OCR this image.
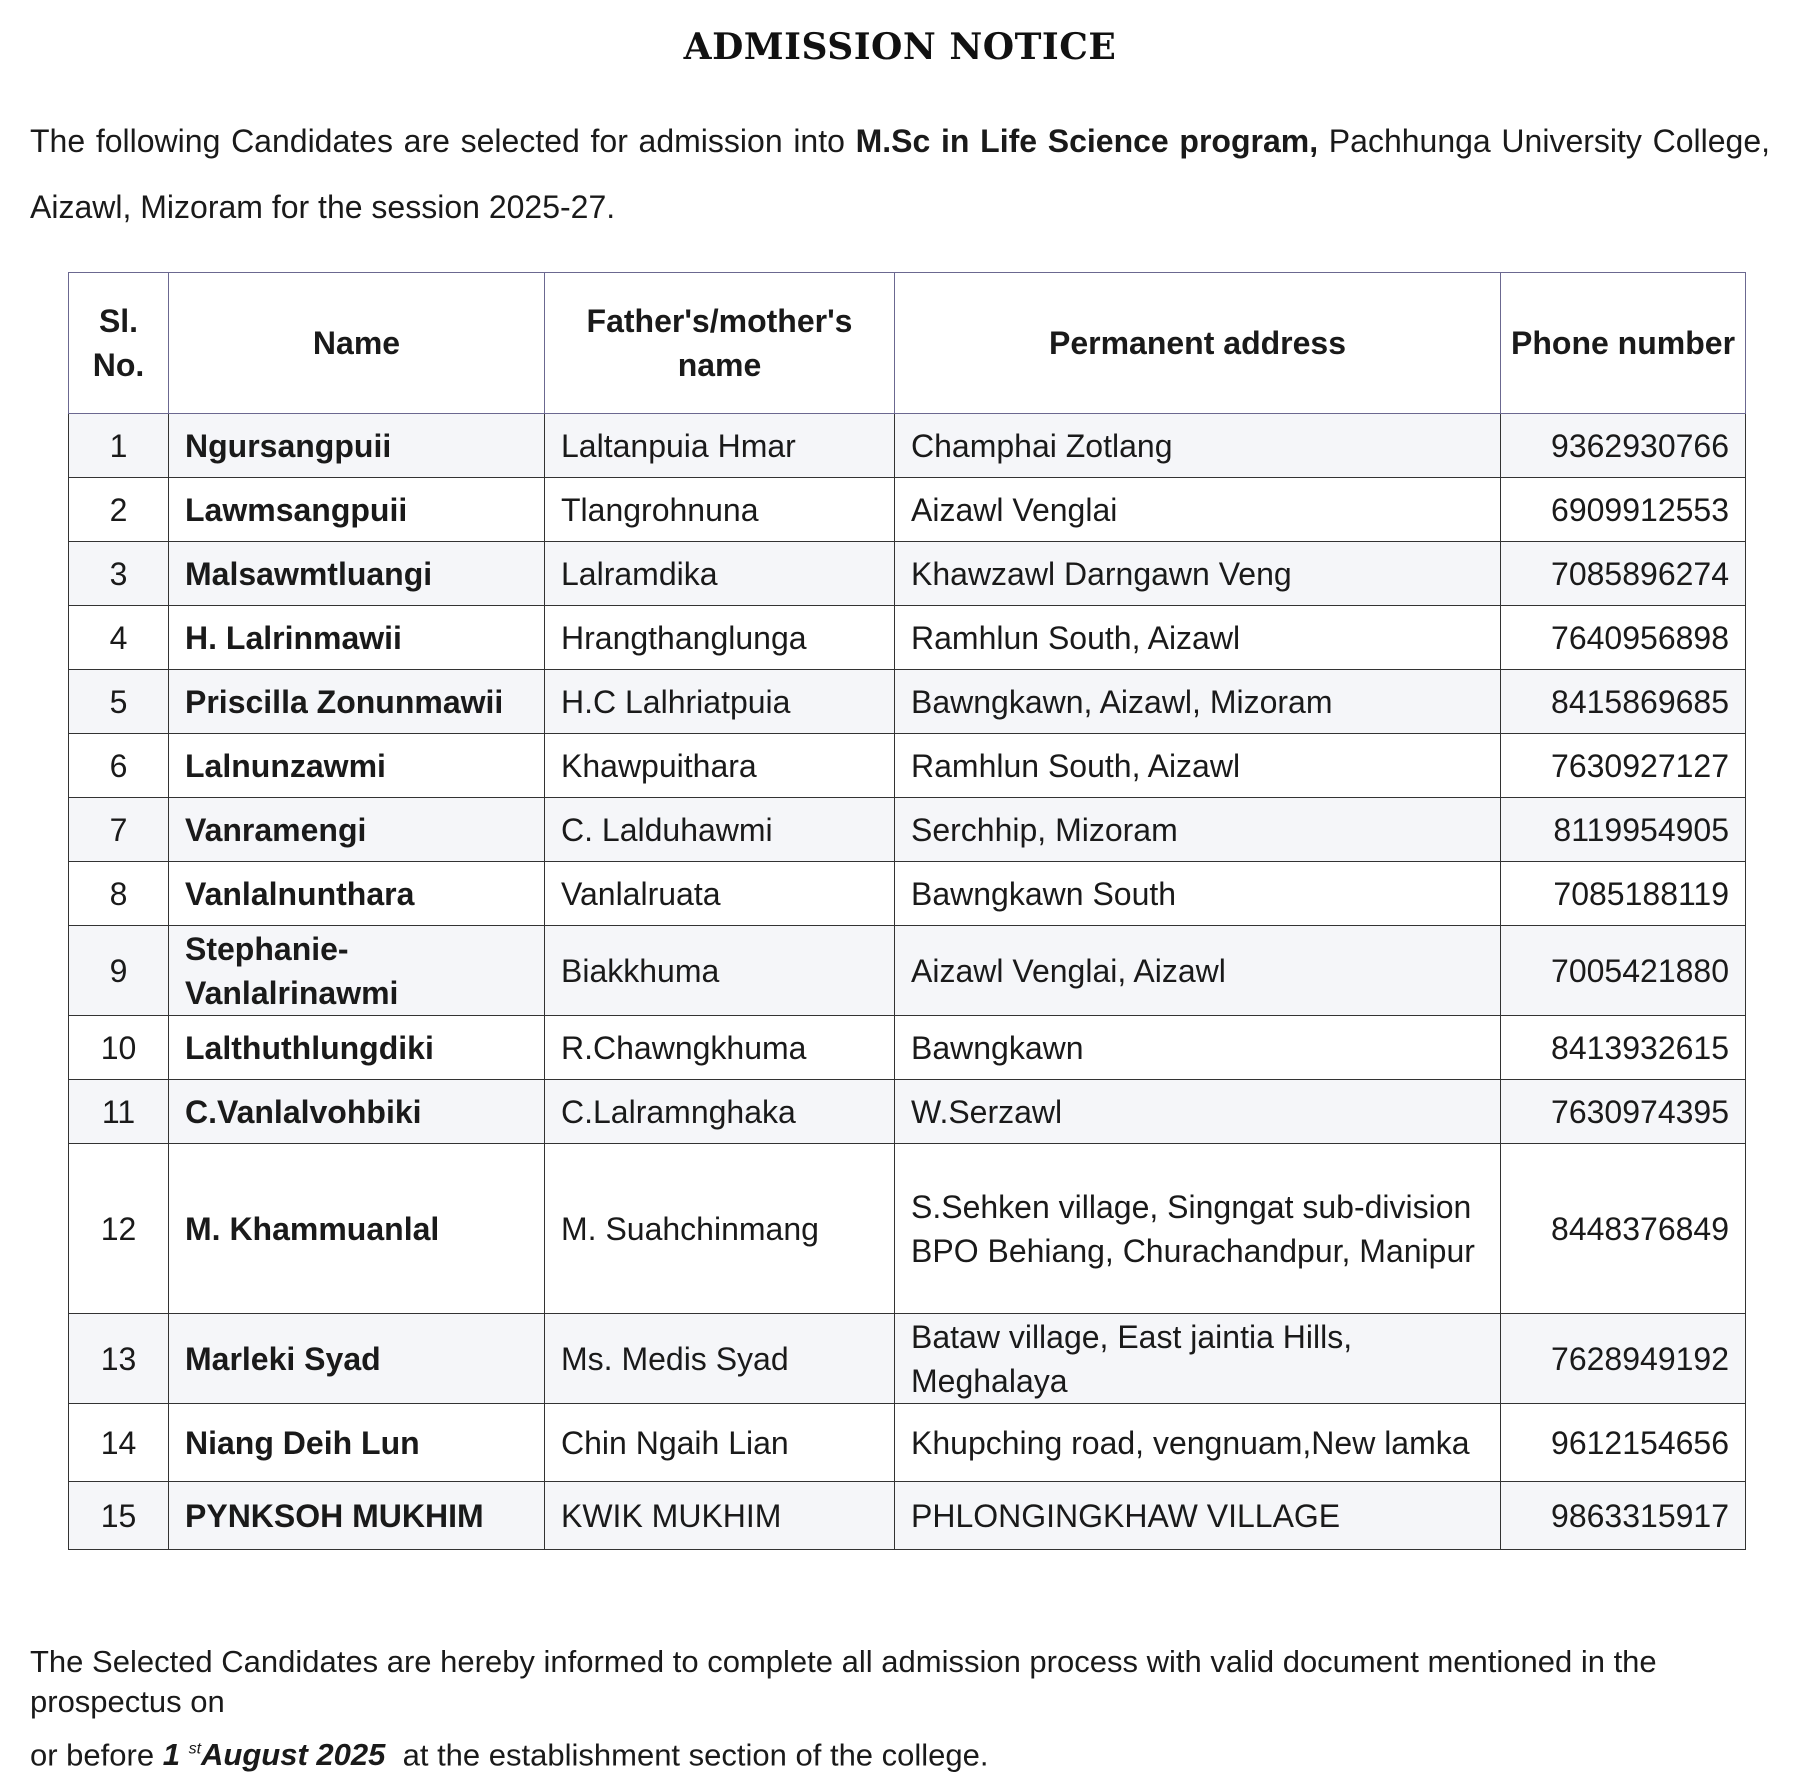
ADMISSION NOTICE
The following Candidates are selected for admission into M.Sc in Life Science program, Pachhunga University College, Aizawl, Mizoram for the session 2025-27.
Sl. No.	Name	Father's/mother's name	Permanent address	Phone number
1	Ngursangpuii	Laltanpuia Hmar	Champhai Zotlang	9362930766
2	Lawmsangpuii	Tlangrohnuna	Aizawl Venglai	6909912553
3	Malsawmtluangi	Lalramdika	Khawzawl Darngawn Veng	7085896274
4	H. Lalrinmawii	Hrangthanglunga	Ramhlun South, Aizawl	7640956898
5	Priscilla Zonunmawii	H.C Lalhriatpuia	Bawngkawn, Aizawl, Mizoram	8415869685
6	Lalnunzawmi	Khawpuithara	Ramhlun South, Aizawl	7630927127
7	Vanramengi	C. Lalduhawmi	Serchhip, Mizoram	8119954905
8	Vanlalnunthara	Vanlalruata	Bawngkawn South	7085188119
9	Stephanie-Vanlalrinawmi	Biakkhuma	Aizawl Venglai, Aizawl	7005421880
10	Lalthuthlungdiki	R.Chawngkhuma	Bawngkawn	8413932615
11	C.Vanlalvohbiki	C.Lalramnghaka	W.Serzawl	7630974395
12	M. Khammuanlal	M. Suahchinmang	S.Sehken village, Singngat sub-division BPO Behiang, Churachandpur, Manipur	8448376849
13	Marleki Syad	Ms. Medis Syad	Bataw village, East jaintia Hills, Meghalaya	7628949192
14	Niang Deih Lun	Chin Ngaih Lian	Khupching road, vengnuam,New lamka	9612154656
15	PYNKSOH MUKHIM	KWIK MUKHIM	PHLONGINGKHAW VILLAGE	9863315917
The Selected Candidates are hereby informed to complete all admission process with valid document mentioned in the prospectus on
or before 1 $^{st}$August 2025  at the establishment section of the college.
